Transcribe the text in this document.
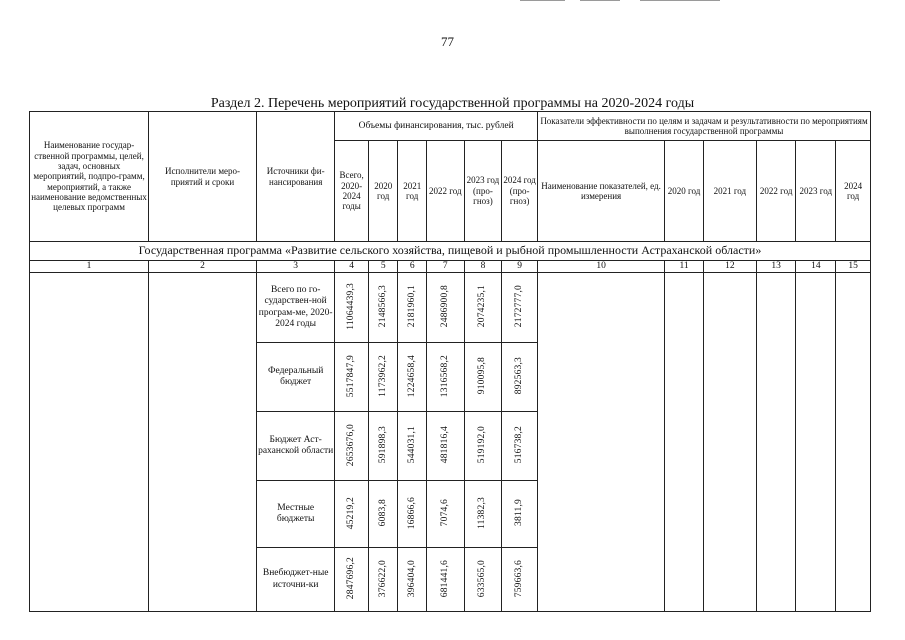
77
Раздел 2. Перечень мероприятий государственной программы на 2020-2024 годы
Наименование государ-ственной программы, целей, задач, основных мероприятий, подпро-грамм, мероприятий, а также наименование ведомственных целевых программ	Исполнители меро-приятий и сроки	Источники фи-нансирования	Объемы финансирования, тыс. рублей						Показатели эффективности по целям и задачам и результативности по мероприятиям выполнения государственной программы					
			Всего, 2020-2024 годы	2020 год	2021 год	2022 год	2023 год (про-гноз)	2024 год (про-гноз)	Наименование показателей, ед. измерения	2020 год	2021 год	2022 год	2023 год	2024 год
Государственная программа «Развитие сельского хозяйства, пищевой и рыбной промышленности Астраханской области»														
1	2	3	4	5	6	7	8	9	10	11	12	13	14	15
		Всего по го-сударствен-ной програм-ме, 2020-2024 годы	11064439,3	2148566,3	2181960,1	2486900,8	2074235,1	2172777,0						
		Федеральный бюджет	5517847,9	1173962,2	1224658,4	1316568,2	910095,8	892563,3						
		Бюджет Аст-раханской области	2653676,0	591898,3	544031,1	481816,4	519192,0	516738,2						
		Местные бюджеты	45219,2	6083,8	16866,6	7074,6	11382,3	3811,9						
		Внебюджет-ные источни-ки	2847696,2	376622,0	396404,0	681441,6	633565,0	759663,6						
